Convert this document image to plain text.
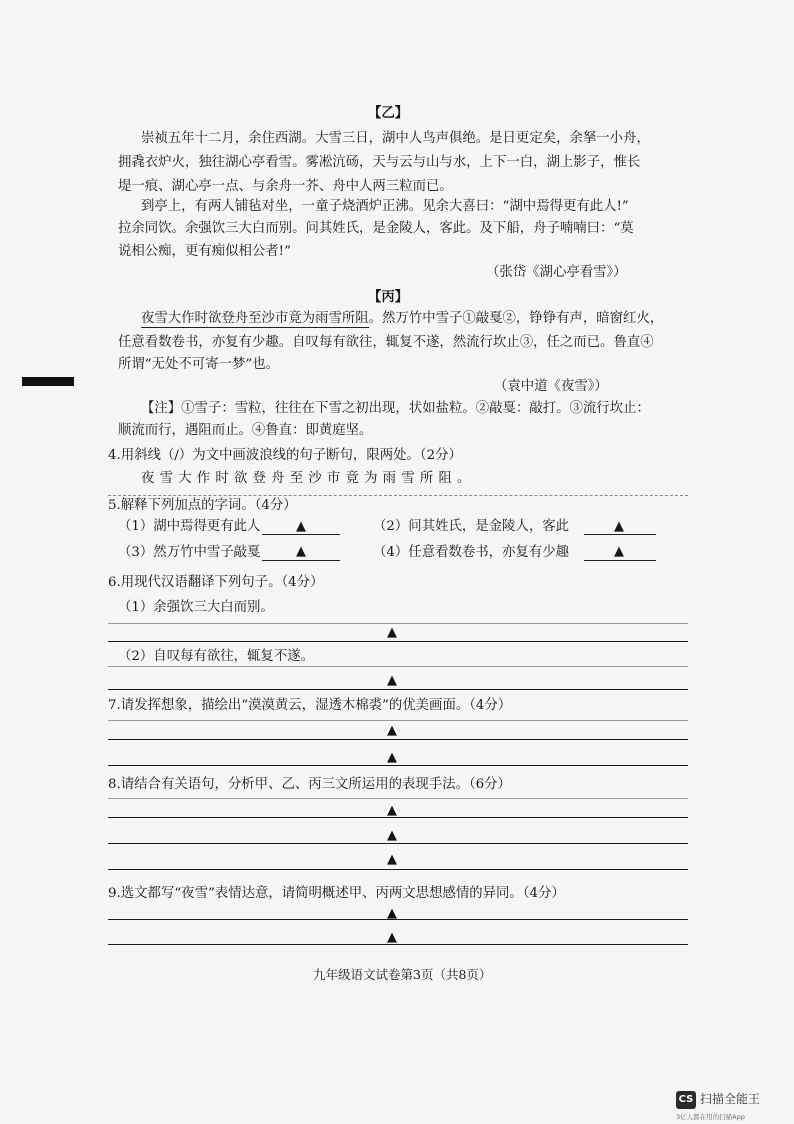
【乙】
崇祯五年十二月，余住西湖。大雪三日，湖中人鸟声俱绝。是日更定矣，余拏一小舟，
拥毳衣炉火，独往湖心亭看雪。雾凇沆砀，天与云与山与水，上下一白，湖上影子，惟长
堤一痕、湖心亭一点、与余舟一芥、舟中人两三粒而已。
到亭上，有两人铺毡对坐，一童子烧酒炉正沸。见余大喜曰：“湖中焉得更有此人!”
拉余同饮。余强饮三大白而别。问其姓氏，是金陵人，客此。及下船，舟子喃喃曰：“莫
说相公痴，更有痴似相公者!”
（张岱《湖心亭看雪》）
【丙】
夜雪大作时欲登舟至沙市竟为雨雪所阻。然万竹中雪子①敲戛②，铮铮有声，暗窗红火，
任意看数卷书，亦复有少趣。自叹每有欲往，辄复不遂，然流行坎止③，任之而已。鲁直④
所谓“无处不可寄一梦”也。
（袁中道《夜雪》）
【注】①雪子：雪粒，往往在下雪之初出现，状如盐粒。②敲戛：敲打。③流行坎止：
顺流而行，遇阻而止。④鲁直：即黄庭坚。
4.用斜线（/）为文中画波浪线的句子断句，限两处。（2分）
夜雪大作时欲登舟至沙市竟为雨雪所阻。
5.解释下列加点的字词。（4分）
（1）湖中焉得更有此人	▲	（2）问其姓氏，是金陵人，客此	▲
（3）然万竹中雪子敲戛	▲	（4）任意看数卷书，亦复有少趣	▲
6.用现代汉语翻译下列句子。（4分）
（1）余强饮三大白而别。
▲
（2）自叹每有欲往，辄复不遂。
▲
7.请发挥想象，描绘出“漠漠黄云，湿透木棉裘”的优美画面。（4分）
▲
▲
8.请结合有关语句，分析甲、乙、丙三文所运用的表现手法。（6分）
▲
▲
▲
9.选文都写“夜雪”表情达意，请简明概述甲、丙两文思想感情的异同。（4分）
▲
▲
九年级语文试卷第3页（共8页）
CS 扫描全能王
3亿人都在用的扫描App
